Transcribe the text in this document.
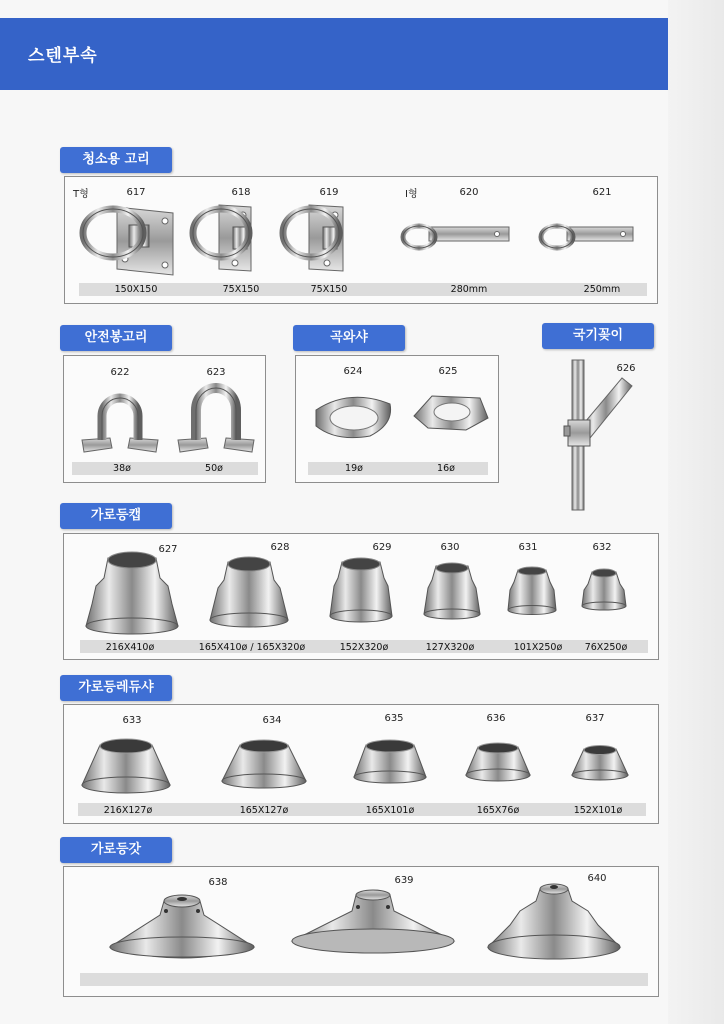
스텐부속
청소용 고리
T형	I형
617	618	619	620	621
150X150	75X150	75X150	280mm	250mm
안전봉고리
622	623
38ø	50ø
곡와샤
624	625
19ø	16ø
국기꽂이
626
가로등캡
627	628	629	630	631	632
216X410ø	165X410ø / 165X320ø	152X320ø	127X320ø	101X250ø	76X250ø
가로등레듀샤
633	634	635	636	637
216X127ø	165X127ø	165X101ø	165X76ø	152X101ø
가로등갓
638	639	640
